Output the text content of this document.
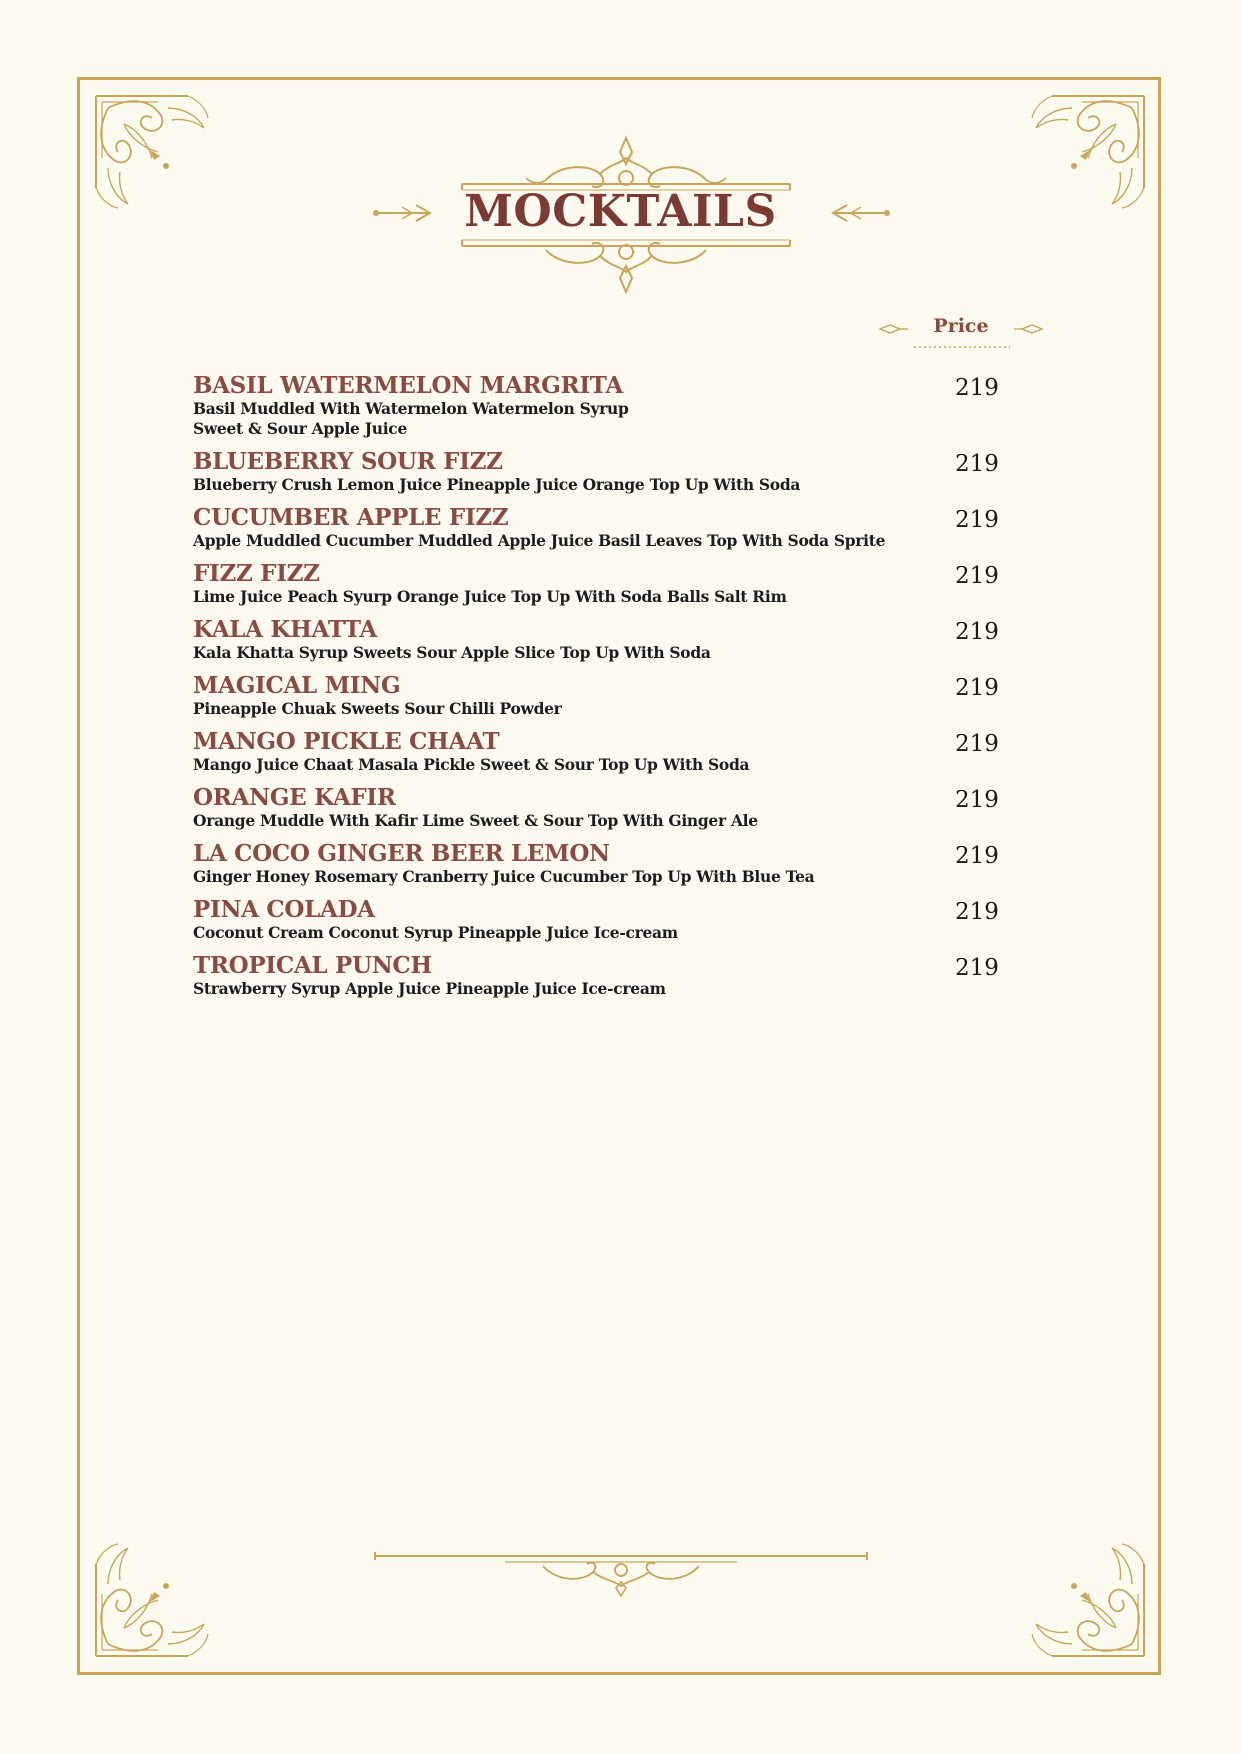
MOCKTAILS
Price
BASIL WATERMELON MARGRITA
Basil Muddled With Watermelon Watermelon Syrup
Sweet & Sour Apple Juice
219
BLUEBERRY SOUR FIZZ
Blueberry Crush Lemon Juice Pineapple Juice Orange Top Up With Soda
219
CUCUMBER APPLE FIZZ
Apple Muddled Cucumber Muddled Apple Juice Basil Leaves Top With Soda Sprite
219
FIZZ FIZZ
Lime Juice Peach Syurp Orange Juice Top Up With Soda Balls Salt Rim
219
KALA KHATTA
Kala Khatta Syrup Sweets Sour Apple Slice Top Up With Soda
219
MAGICAL MING
Pineapple Chuak Sweets Sour Chilli Powder
219
MANGO PICKLE CHAAT
Mango Juice Chaat Masala Pickle Sweet & Sour Top Up With Soda
219
ORANGE KAFIR
Orange Muddle With Kafir Lime Sweet & Sour Top With Ginger Ale
219
LA COCO GINGER BEER LEMON
Ginger Honey Rosemary Cranberry Juice Cucumber Top Up With Blue Tea
219
PINA COLADA
Coconut Cream Coconut Syrup Pineapple Juice Ice-cream
219
TROPICAL PUNCH
Strawberry Syrup Apple Juice Pineapple Juice Ice-cream
219
